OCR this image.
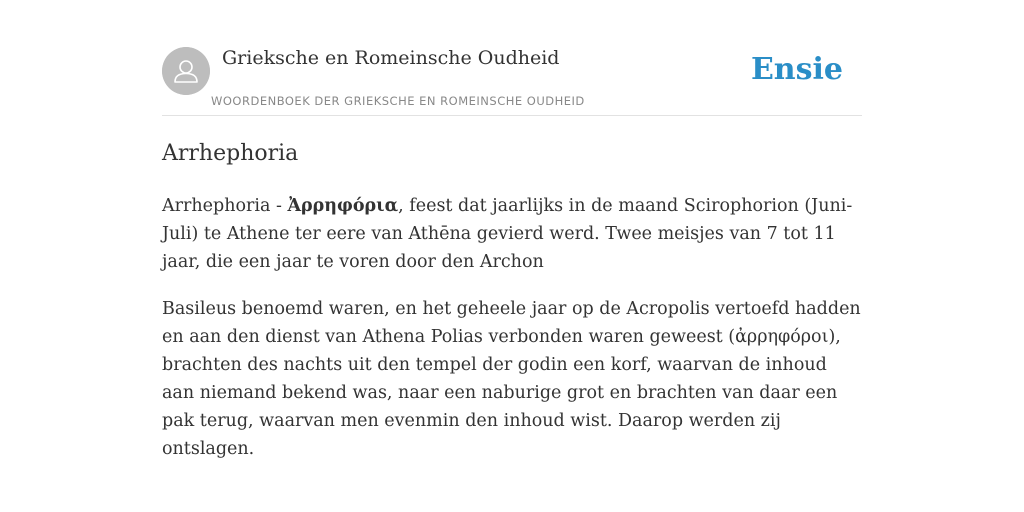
Grieksche en Romeinsche Oudheid
WOORDENBOEK DER GRIEKSCHE EN ROMEINSCHE OUDHEID
Ensie
Arrhephoria

Arrhephoria - Ἀρρηφόρια, feest dat jaarlijks in de maand Scirophorion (Juni-Juli) te Athene ter eere van Athēna gevierd werd. Twee meisjes van 7 tot 11 jaar, die een jaar te voren door den Archon

Basileus benoemd waren, en het geheele jaar op de Acropolis vertoefd hadden en aan den dienst van Athena Polias verbonden waren geweest (ἀρρηφόροι), brachten des nachts uit den tempel der godin een korf, waarvan de inhoud aan niemand bekend was, naar een naburige grot en brachten van daar een pak terug, waarvan men evenmin den inhoud wist. Daarop werden zij ontslagen.
